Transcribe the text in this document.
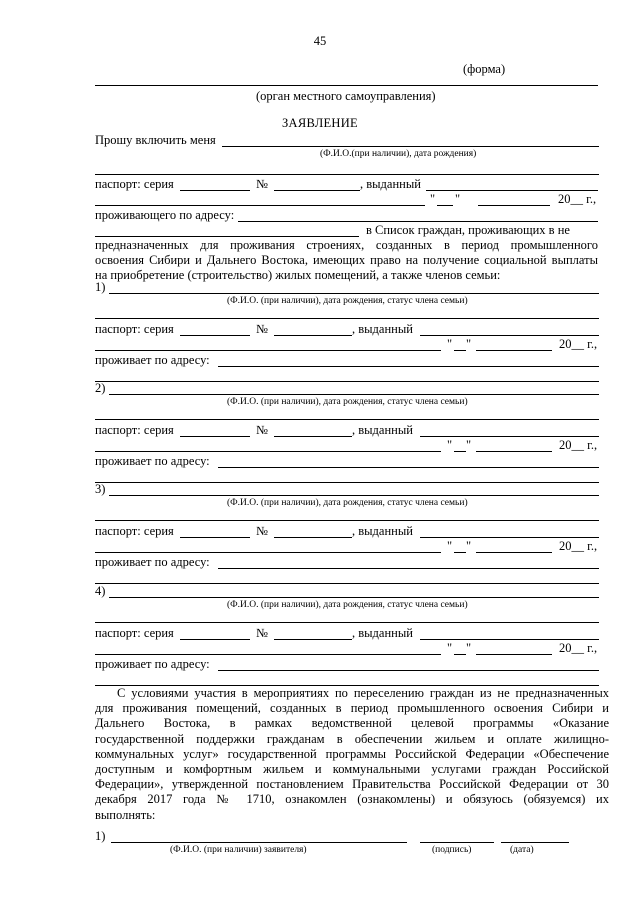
45
(форма)
(орган местного самоуправления)
ЗАЯВЛЕНИЕ
Прошу включить меня
(Ф.И.О.(при наличии), дата рождения)
паспорт: серия	№	, выданный
" "	20__ г.,
проживающего по адресу:
в Список граждан, проживающих в не
предназначенных для проживания строениях, созданных в период промышленного
освоения Сибири и Дальнего Востока, имеющих право на получение социальной выплаты
на приобретение (строительство) жилых помещений, а также членов семьи:
1)
(Ф.И.О. (при наличии), дата рождения, статус члена семьи)
паспорт: серия	№	, выданный
" "	20__ г.,
проживает по адресу:
2)
(Ф.И.О. (при наличии), дата рождения, статус члена семьи)
паспорт: серия	№	, выданный
" "	20__ г.,
проживает по адресу:
3)
(Ф.И.О. (при наличии), дата рождения, статус члена семьи)
паспорт: серия	№	, выданный
" "	20__ г.,
проживает по адресу:
4)
(Ф.И.О. (при наличии), дата рождения, статус члена семьи)
паспорт: серия	№	, выданный
" "	20__ г.,
проживает по адресу:
С условиями участия в мероприятиях по переселению граждан из не предназначенных
для проживания помещений, созданных в период промышленного освоения Сибири и
Дальнего Востока, в рамках ведомственной целевой программы «Оказание
государственной поддержки гражданам в обеспечении жильем и оплате жилищно-
коммунальных услуг» государственной программы Российской Федерации «Обеспечение
доступным и комфортным жильем и коммунальными услугами граждан Российской
Федерации», утвержденной постановлением Правительства Российской Федерации от 30
декабря 2017 года № 1710, ознакомлен (ознакомлены) и обязуюсь (обязуемся) их
выполнять:
1)
(Ф.И.О. (при наличии) заявителя)	(подпись)	(дата)
